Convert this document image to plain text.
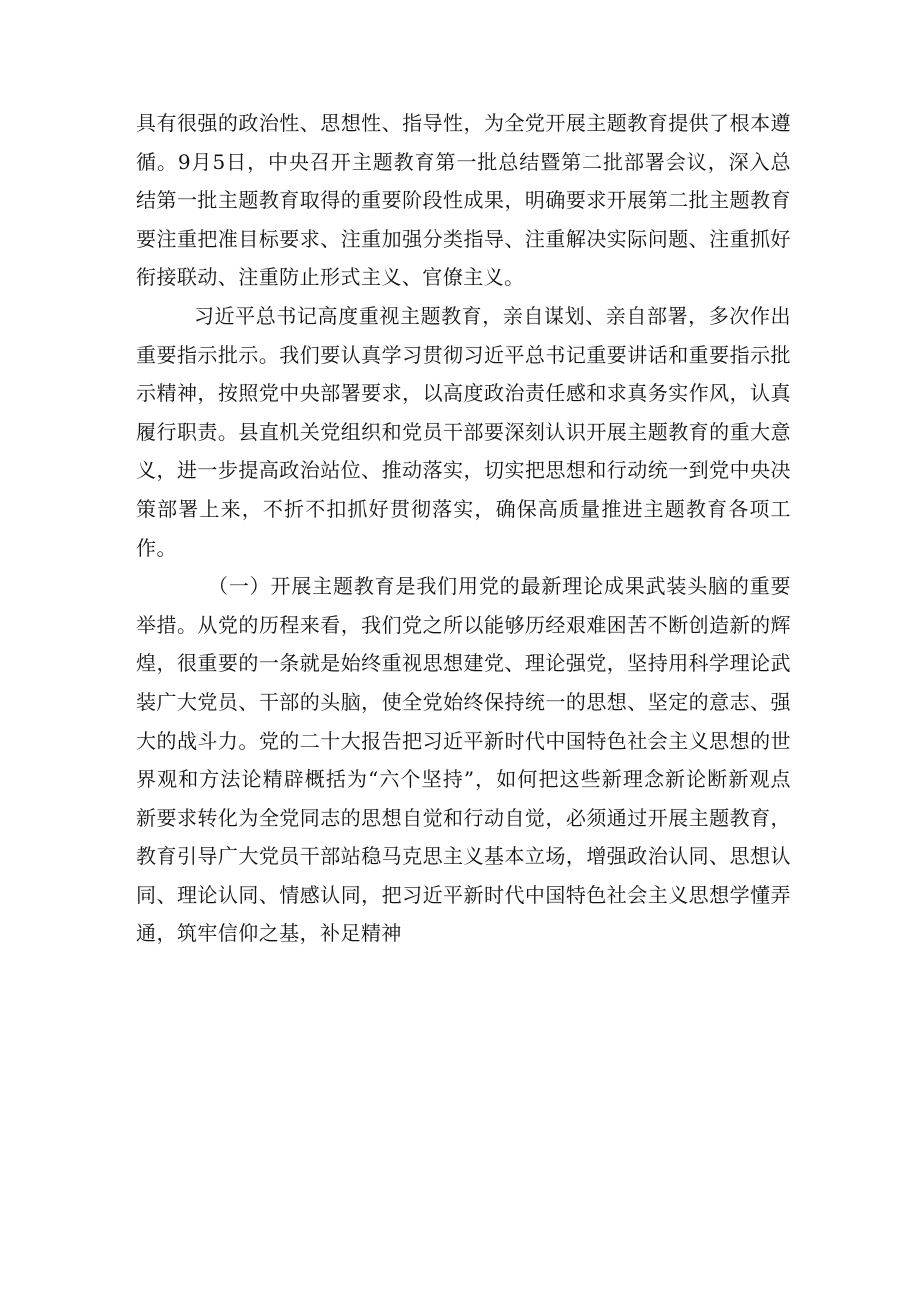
具有很强的政治性、思想性、指导性，为全党开展主题教育提供了根本遵循。9月5日，中央召开主题教育第一批总结暨第二批部署会议，深入总结第一批主题教育取得的重要阶段性成果，明确要求开展第二批主题教育要注重把准目标要求、注重加强分类指导、注重解决实际问题、注重抓好衔接联动、注重防止形式主义、官僚主义。

习近平总书记高度重视主题教育，亲自谋划、亲自部署，多次作出重要指示批示。我们要认真学习贯彻习近平总书记重要讲话和重要指示批示精神，按照党中央部署要求，以高度政治责任感和求真务实作风，认真履行职责。县直机关党组织和党员干部要深刻认识开展主题教育的重大意义，进一步提高政治站位、推动落实，切实把思想和行动统一到党中央决策部署上来，不折不扣抓好贯彻落实，确保高质量推进主题教育各项工作。

（一）开展主题教育是我们用党的最新理论成果武装头脑的重要举措。从党的历程来看，我们党之所以能够历经艰难困苦不断创造新的辉煌，很重要的一条就是始终重视思想建党、理论强党，坚持用科学理论武装广大党员、干部的头脑，使全党始终保持统一的思想、坚定的意志、强大的战斗力。党的二十大报告把习近平新时代中国特色社会主义思想的世界观和方法论精辟概括为“六个坚持”，如何把这些新理念新论断新观点新要求转化为全党同志的思想自觉和行动自觉，必须通过开展主题教育，教育引导广大党员干部站稳马克思主义基本立场，增强政治认同、思想认同、理论认同、情感认同，把习近平新时代中国特色社会主义思想学懂弄通，筑牢信仰之基，补足精神
